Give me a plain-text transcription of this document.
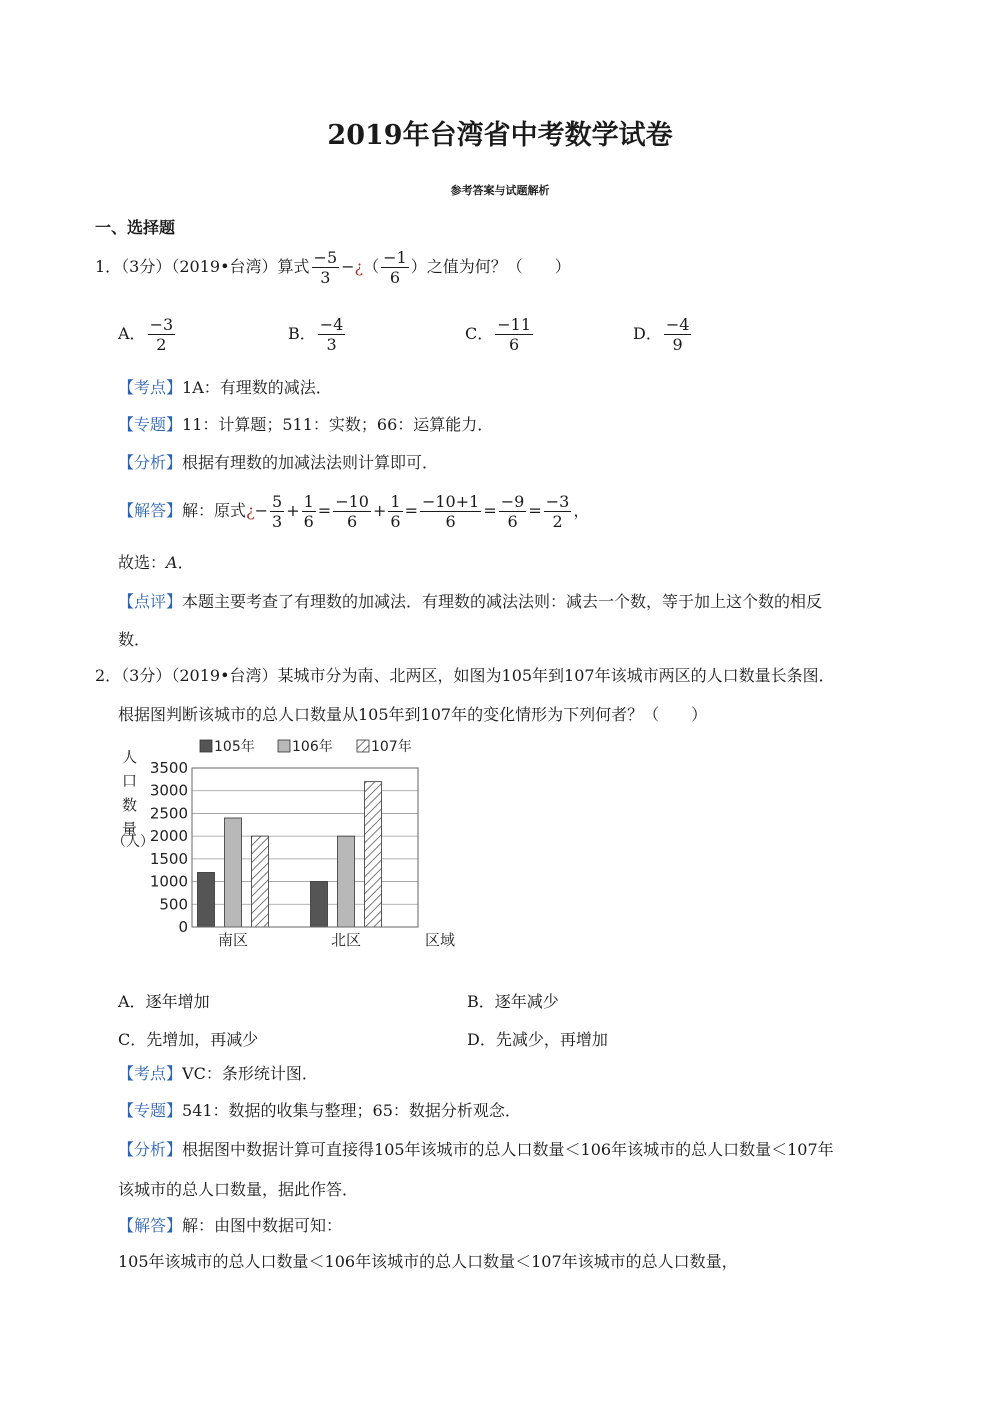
2019年台湾省中考数学试卷
参考答案与试题解析
一、选择题
1．（3分）（2019•台湾）算式 $\frac{-5}{3}$ −¿（ $\frac{-1}{6}$ ）之值为何？（　　）
A． $\frac{-3}{2}$	B． $\frac{-4}{3}$	C． $\frac{-11}{6}$	D． $\frac{-4}{9}$
【考点】1A：有理数的减法．
【专题】11：计算题；511：实数；66：运算能力．
【分析】根据有理数的加减法法则计算即可．
【解答】解：原式¿− $\frac{5}{3} + \frac{1}{6} = \frac{-10}{6} + \frac{1}{6} = \frac{-10+1}{6} = \frac{-9}{6} = \frac{-3}{2}$ ，
故选：A．
【点评】本题主要考查了有理数的加减法．有理数的减法法则：减去一个数，等于加上这个数的相反
数．
2．（3分）（2019•台湾）某城市分为南、北两区，如图为105年到107年该城市两区的人口数量长条图．
根据图判断该城市的总人口数量从105年到107年的变化情形为下列何者？（　　）
105年	106年	107年
人
口
数
量
（人）
0
500
1000
1500
2000
2500
3000
3500
南区	北区	区域
A．逐年增加	B．逐年减少
C．先增加，再减少	D．先减少，再增加
【考点】VC：条形统计图．
【专题】541：数据的收集与整理；65：数据分析观念．
【分析】根据图中数据计算可直接得105年该城市的总人口数量＜106年该城市的总人口数量＜107年
该城市的总人口数量，据此作答．
【解答】解：由图中数据可知：
105年该城市的总人口数量＜106年该城市的总人口数量＜107年该城市的总人口数量，
